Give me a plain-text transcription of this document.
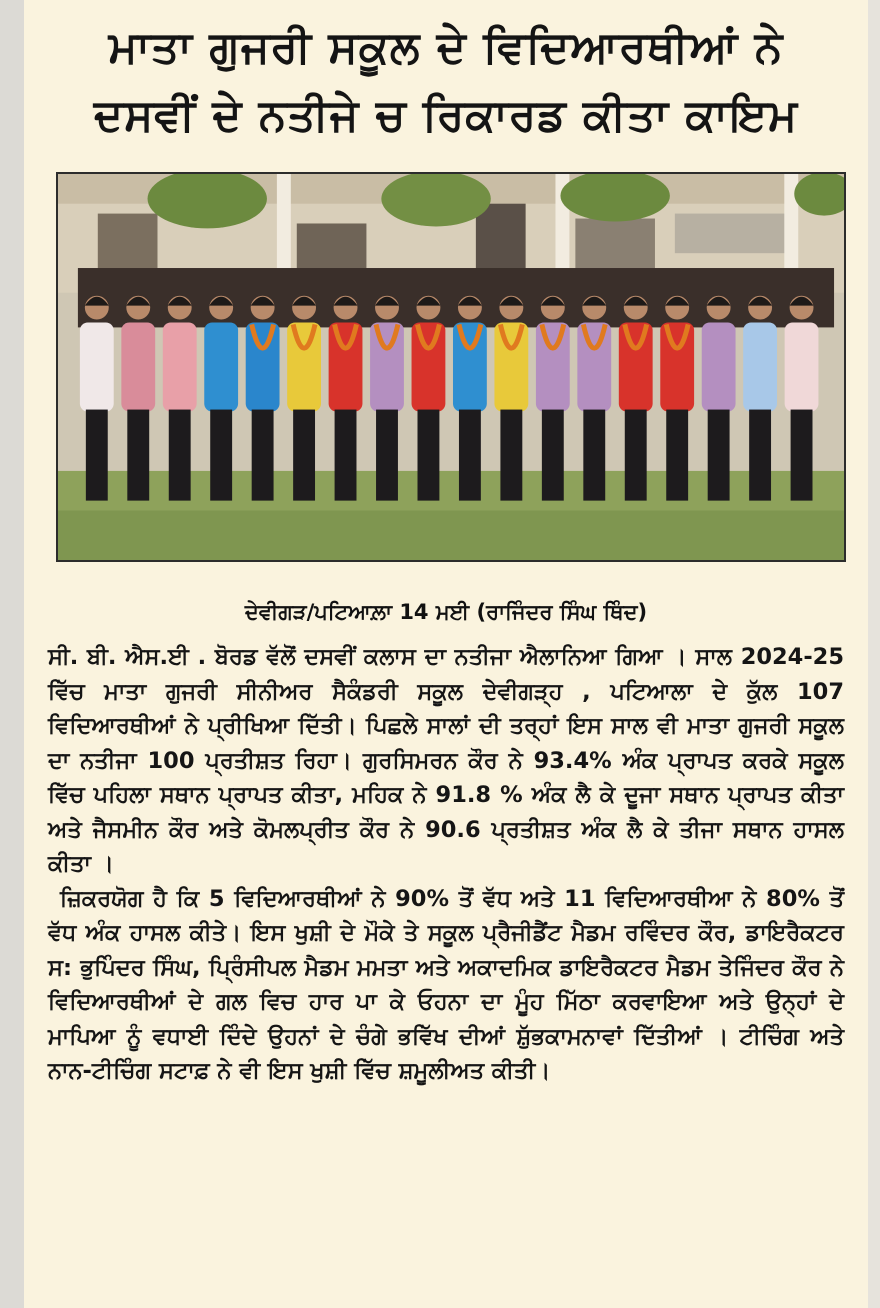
ਮਾਤਾ ਗੁਜਰੀ ਸਕੂਲ ਦੇ ਵਿਦਿਆਰਥੀਆਂ ਨੇ
ਦਸਵੀਂ ਦੇ ਨਤੀਜੇ ਚ ਰਿਕਾਰਡ ਕੀਤਾ ਕਾਇਮ
ਦੇਵੀਗੜ/ਪਟਿਆਲ਼ਾ 14 ਮਈ (ਰਾਜਿੰਦਰ ਸਿੰਘ ਥਿੰਦ)

ਸੀ. ਬੀ. ਐਸ.ਈ . ਬੋਰਡ ਵੱਲੋਂ ਦਸਵੀਂ ਕਲਾਸ ਦਾ ਨਤੀਜਾ ਐਲਾਨਿਆ ਗਿਆ । ਸਾਲ 2024-25 ਵਿੱਚ ਮਾਤਾ ਗੁਜਰੀ ਸੀਨੀਅਰ ਸੈਕੰਡਰੀ ਸਕੂਲ ਦੇਵੀਗੜ੍ਹ , ਪਟਿਆਲਾ ਦੇ ਕੁੱਲ 107 ਵਿਦਿਆਰਥੀਆਂ ਨੇ ਪ੍ਰੀਖਿਆ ਦਿੱਤੀ। ਪਿਛਲੇ ਸਾਲਾਂ ਦੀ ਤਰ੍ਹਾਂ ਇਸ ਸਾਲ ਵੀ ਮਾਤਾ ਗੁਜਰੀ ਸਕੂਲ ਦਾ ਨਤੀਜਾ 100 ਪ੍ਰਤੀਸ਼ਤ ਰਿਹਾ। ਗੁਰਸਿਮਰਨ ਕੌਰ ਨੇ 93.4% ਅੰਕ ਪ੍ਰਾਪਤ ਕਰਕੇ ਸਕੂਲ ਵਿੱਚ ਪਹਿਲਾ ਸਥਾਨ ਪ੍ਰਾਪਤ ਕੀਤਾ, ਮਹਿਕ ਨੇ 91.8 % ਅੰਕ ਲੈ ਕੇ ਦੂਜਾ ਸਥਾਨ ਪ੍ਰਾਪਤ ਕੀਤਾ ਅਤੇ ਜੈਸਮੀਨ ਕੌਰ ਅਤੇ ਕੋਮਲਪ੍ਰੀਤ ਕੌਰ ਨੇ 90.6 ਪ੍ਰਤੀਸ਼ਤ ਅੰਕ ਲੈ ਕੇ ਤੀਜਾ ਸਥਾਨ ਹਾਸਲ ਕੀਤਾ ।

ਜ਼ਿਕਰਯੋਗ ਹੈ ਕਿ 5 ਵਿਦਿਆਰਥੀਆਂ ਨੇ 90% ਤੋਂ ਵੱਧ ਅਤੇ 11 ਵਿਦਿਆਰਥੀਆ ਨੇ 80% ਤੋਂ ਵੱਧ ਅੰਕ ਹਾਸਲ ਕੀਤੇ। ਇਸ ਖੁਸ਼ੀ ਦੇ ਮੌਕੇ ਤੇ ਸਕੂਲ ਪ੍ਰੈਜੀਡੈਂਟ ਮੈਡਮ ਰਵਿੰਦਰ ਕੌਰ, ਡਾਇਰੈਕਟਰ ਸ: ਭੁਪਿੰਦਰ ਸਿੰਘ, ਪ੍ਰਿੰਸੀਪਲ ਮੈਡਮ ਮਮਤਾ ਅਤੇ ਅਕਾਦਮਿਕ ਡਾਇਰੈਕਟਰ ਮੈਡਮ ਤੇਜਿੰਦਰ ਕੌਰ ਨੇ ਵਿਦਿਆਰਥੀਆਂ ਦੇ ਗਲ ਵਿਚ ਹਾਰ ਪਾ ਕੇ ਓਹਨਾ ਦਾ ਮੂੰਹ ਮਿੱਠਾ ਕਰਵਾਇਆ ਅਤੇ ਉਨ੍ਹਾਂ ਦੇ ਮਾਪਿਆ ਨੂੰ ਵਧਾਈ ਦਿੰਦੇ ਉਹਨਾਂ ਦੇ ਚੰਗੇ ਭਵਿੱਖ ਦੀਆਂ ਸ਼ੁੱਭਕਾਮਨਾਵਾਂ ਦਿੱਤੀਆਂ । ਟੀਚਿੰਗ ਅਤੇ ਨਾਨ-ਟੀਚਿੰਗ ਸਟਾਫ਼ ਨੇ ਵੀ ਇਸ ਖੁਸ਼ੀ ਵਿੱਚ ਸ਼ਮੂਲੀਅਤ ਕੀਤੀ।
